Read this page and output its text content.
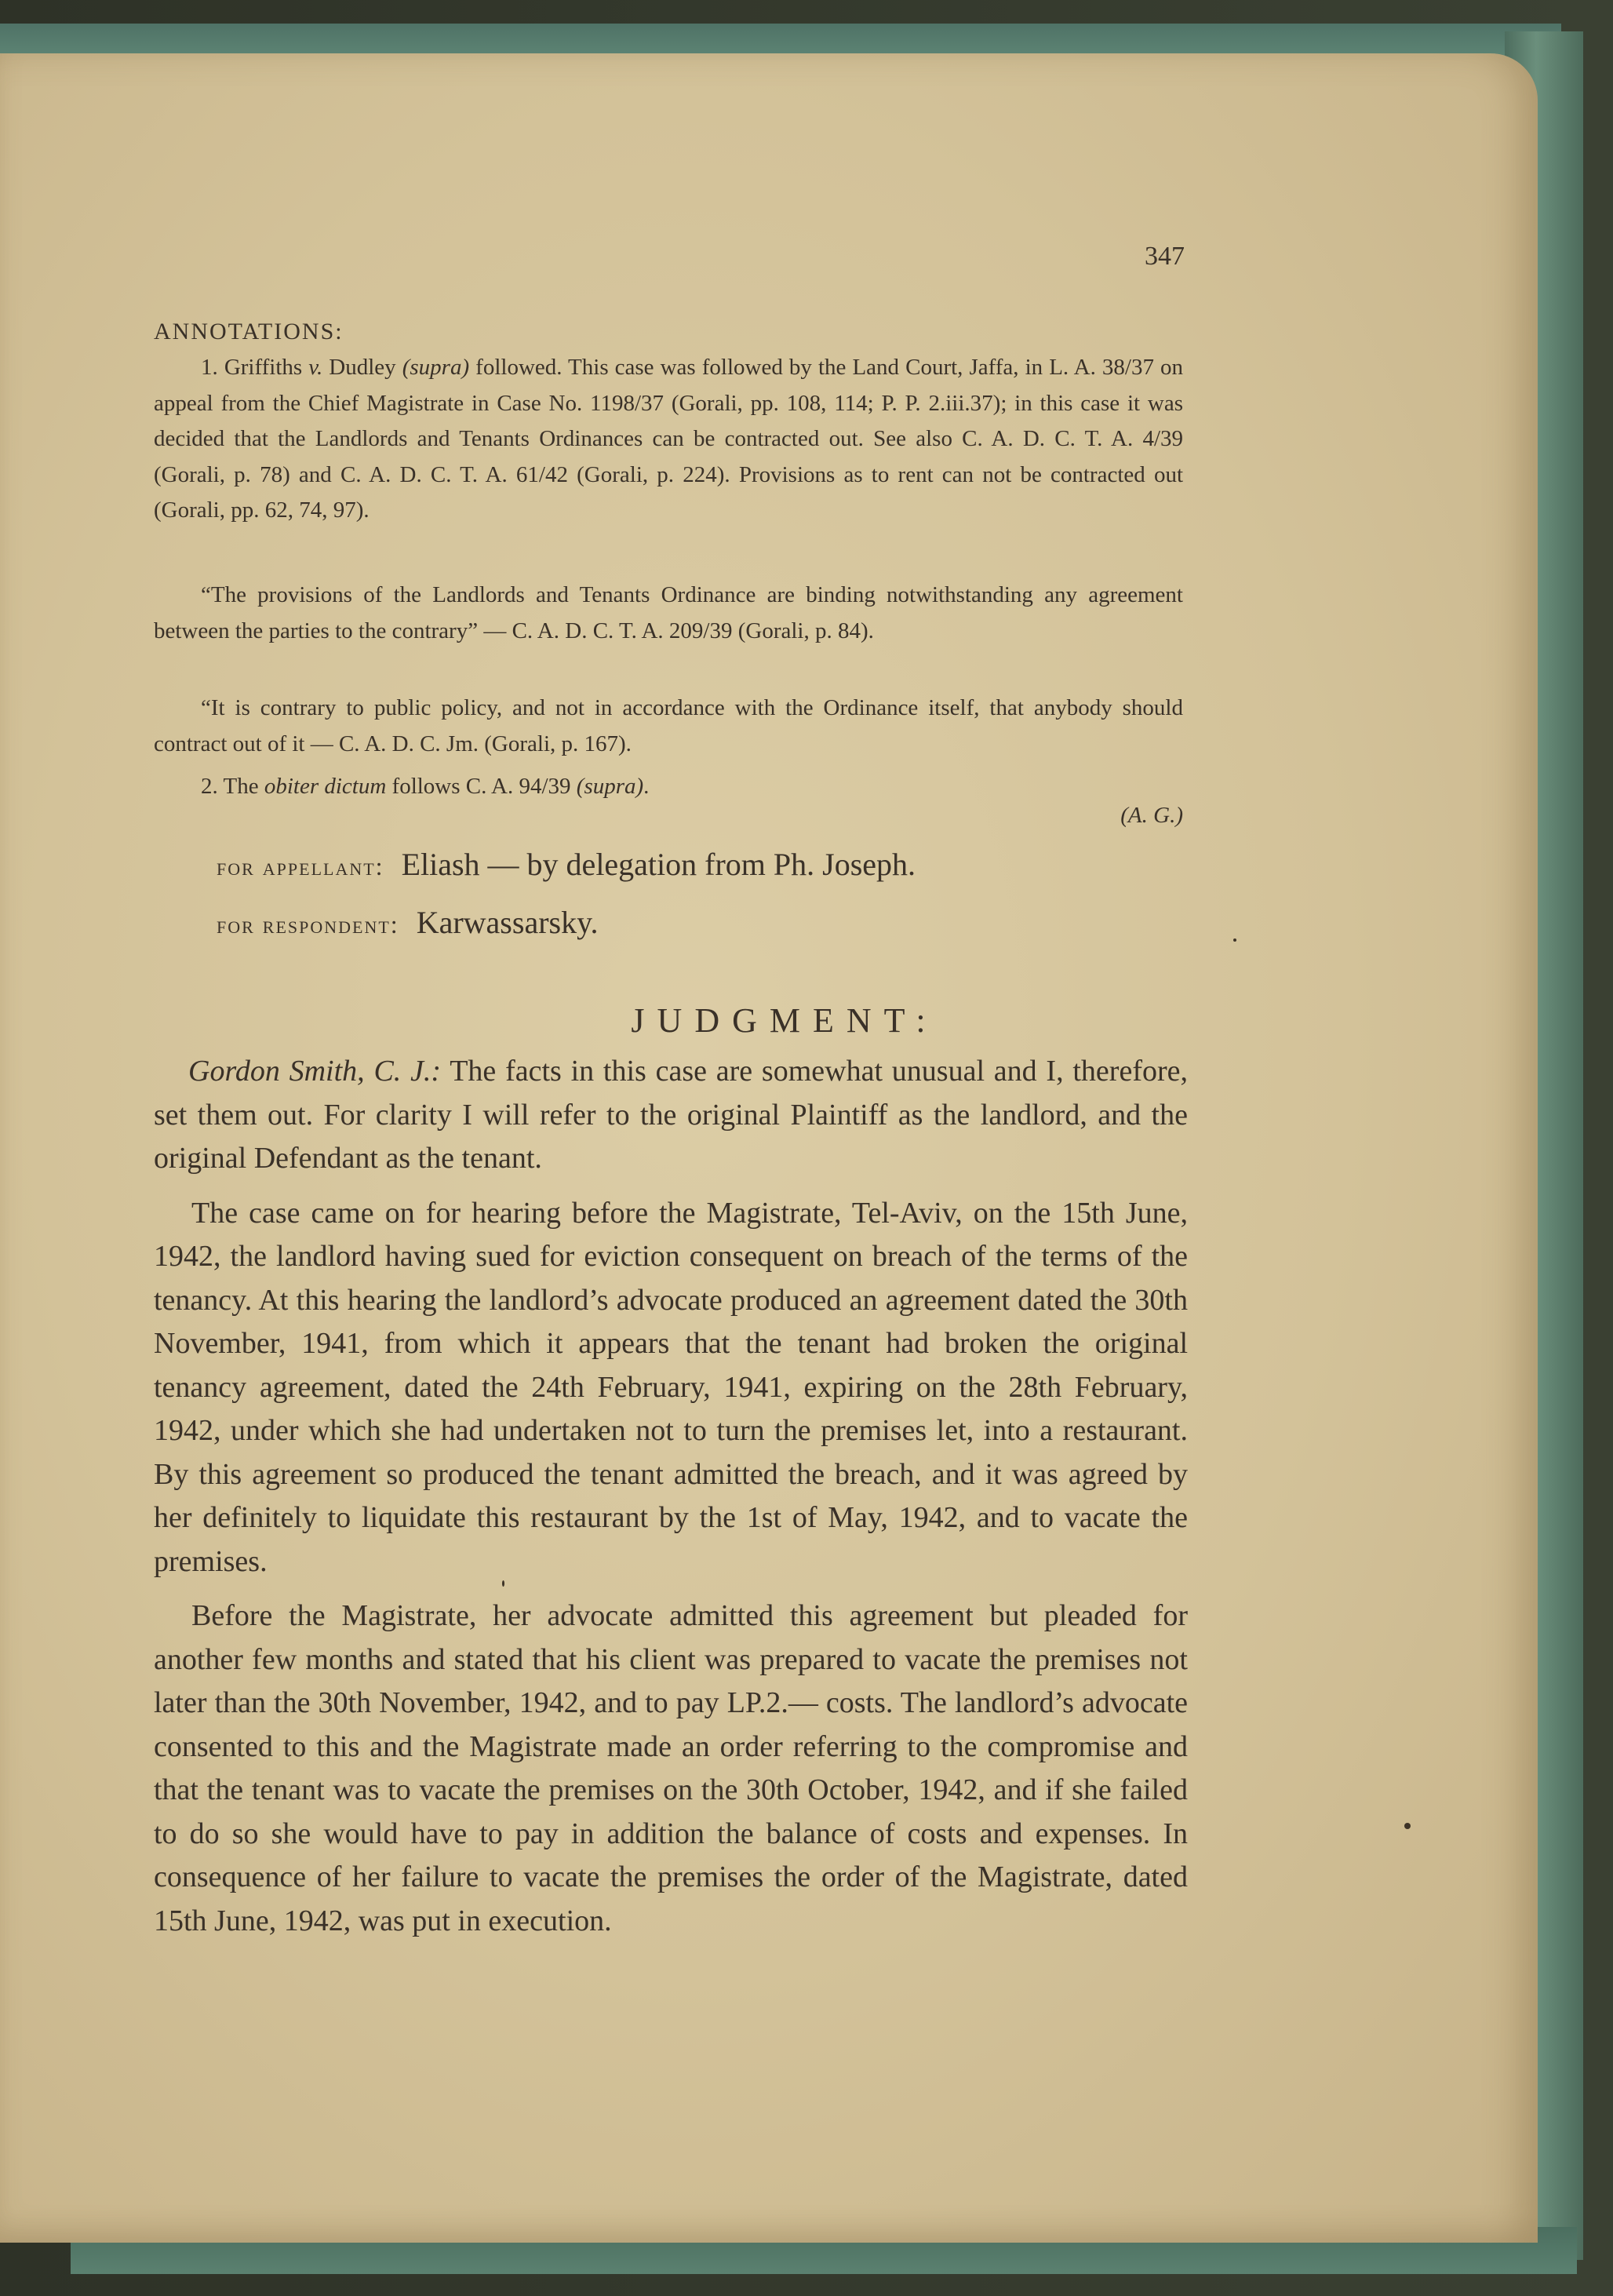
347
ANNOTATIONS:

1. Griffiths v. Dudley (supra) followed. This case was followed by the Land Court, Jaffa, in L. A. 38/37 on appeal from the Chief Magistrate in Case No. 1198/37 (Gorali, pp. 108, 114; P. P. 2.iii.37); in this case it was decided that the Landlords and Tenants Ordinances can be contracted out. See also C. A. D. C. T. A. 4/39 (Gorali, p. 78) and C. A. D. C. T. A. 61/42 (Gorali, p. 224). Provisions as to rent can not be contracted out (Gorali, pp. 62, 74, 97).

“The provisions of the Landlords and Tenants Ordinance are binding notwithstanding any agreement between the parties to the contrary” — C. A. D. C. T. A. 209/39 (Gorali, p. 84).

“It is contrary to public policy, and not in accordance with the Ordinance itself, that anybody should contract out of it — C. A. D. C. Jm. (Gorali, p. 167).

2. The obiter dictum follows C. A. 94/39 (supra).

(A. G.)
for appellant: Eliash — by delegation from Ph. Joseph.
for respondent: Karwassarsky.
JUDGMENT:

Gordon Smith, C. J.: The facts in this case are somewhat unusual and I, therefore, set them out. For clarity I will refer to the original Plaintiff as the landlord, and the original Defendant as the tenant.

The case came on for hearing before the Magistrate, Tel-Aviv, on the 15th June, 1942, the landlord having sued for eviction consequent on breach of the terms of the tenancy. At this hearing the landlord’s advocate produced an agreement dated the 30th November, 1941, from which it appears that the tenant had broken the original tenancy agreement, dated the 24th February, 1941, expiring on the 28th February, 1942, under which she had undertaken not to turn the premises let, into a restaurant. By this agreement so produced the tenant admitted the breach, and it was agreed by her definitely to liquidate this restaurant by the 1st of May, 1942, and to vacate the premises.

Before the Magistrate, her advocate admitted this agreement but pleaded for another few months and stated that his client was prepared to vacate the premises not later than the 30th November, 1942, and to pay LP.2.— costs. The landlord’s advocate consented to this and the Magistrate made an order referring to the compromise and that the tenant was to vacate the premises on the 30th October, 1942, and if she failed to do so she would have to pay in addition the balance of costs and expenses. In consequence of her failure to vacate the premises the order of the Magistrate, dated 15th June, 1942, was put in execution.
